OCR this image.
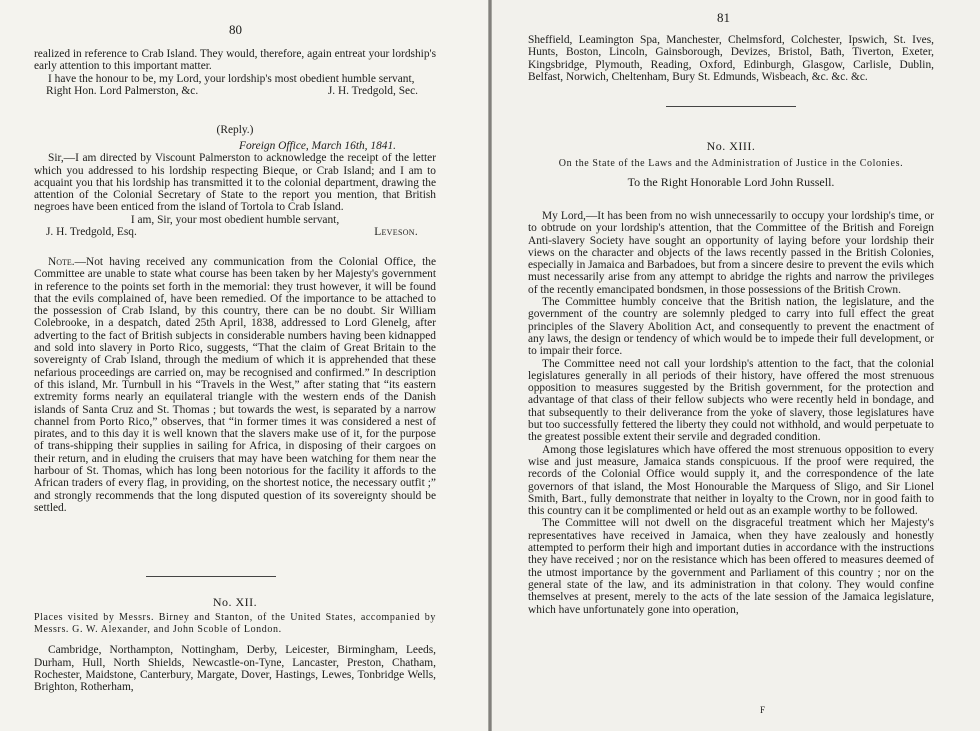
80

realized in reference to Crab Island. They would, therefore, again entreat your lordship's early attention to this important matter.

I have the honour to be, my Lord, your lordship's most obedient humble servant,

Right Hon. Lord Palmerston, &c.	J. H. Tredgold, Sec.

(Reply.)

Foreign Office, March 16th, 1841.

Sir,—I am directed by Viscount Palmerston to acknowledge the receipt of the letter which you addressed to his lordship respecting Bieque, or Crab Island; and I am to acquaint you that his lordship has transmitted it to the colonial department, drawing the attention of the Colonial Secretary of State to the report you mention, that British negroes have been enticed from the island of Tortola to Crab Island.

I am, Sir, your most obedient humble servant,

J. H. Tredgold, Esq.	Leveson.

Note.—Not having received any communication from the Colonial Office, the Committee are unable to state what course has been taken by her Majesty's government in reference to the points set forth in the memorial: they trust however, it will be found that the evils complained of, have been remedied. Of the importance to be attached to the possession of Crab Island, by this country, there can be no doubt. Sir William Colebrooke, in a despatch, dated 25th April, 1838, addressed to Lord Glenelg, after adverting to the fact of British subjects in considerable numbers having been kidnapped and sold into slavery in Porto Rico, suggests, “That the claim of Great Britain to the sovereignty of Crab Island, through the medium of which it is apprehended that these nefarious proceedings are carried on, may be recognised and confirmed.” In description of this island, Mr. Turnbull in his “Travels in the West,” after stating that “its eastern extremity forms nearly an equilateral triangle with the western ends of the Danish islands of Santa Cruz and St. Thomas ; but towards the west, is separated by a narrow channel from Porto Rico,” observes, that “in former times it was considered a nest of pirates, and to this day it is well known that the slavers make use of it, for the purpose of trans-shipping their supplies in sailing for Africa, in disposing of their cargoes on their return, and in eluding the cruisers that may have been watching for them near the harbour of St. Thomas, which has long been notorious for the facility it affords to the African traders of every flag, in providing, on the shortest notice, the necessary outfit ;” and strongly recommends that the long disputed question of its sovereignty should be settled.

No. XII.

Places visited by Messrs. Birney and Stanton, of the United States, accompanied by Messrs. G. W. Alexander, and John Scoble of London.

Cambridge, Northampton, Nottingham, Derby, Leicester, Birmingham, Leeds, Durham, Hull, North Shields, Newcastle-on-Tyne, Lancaster, Preston, Chatham, Rochester, Maidstone, Canterbury, Margate, Dover, Hastings, Lewes, Tonbridge Wells, Brighton, Rotherham,

81

Sheffield, Leamington Spa, Manchester, Chelmsford, Colchester, Ipswich, St. Ives, Hunts, Boston, Lincoln, Gainsborough, Devizes, Bristol, Bath, Tiverton, Exeter, Kingsbridge, Plymouth, Reading, Oxford, Edinburgh, Glasgow, Carlisle, Dublin, Belfast, Norwich, Cheltenham, Bury St. Edmunds, Wisbeach, &c. &c. &c.

No. XIII.

On the State of the Laws and the Administration of Justice in the Colonies.

To the Right Honorable Lord John Russell.

My Lord,—It has been from no wish unnecessarily to occupy your lordship's time, or to obtrude on your lordship's attention, that the Committee of the British and Foreign Anti-slavery Society have sought an opportunity of laying before your lordship their views on the character and objects of the laws recently passed in the British Colonies, especially in Jamaica and Barbadoes, but from a sincere desire to prevent the evils which must necessarily arise from any attempt to abridge the rights and narrow the privileges of the recently emancipated bondsmen, in those possessions of the British Crown.

The Committee humbly conceive that the British nation, the legislature, and the government of the country are solemnly pledged to carry into full effect the great principles of the Slavery Abolition Act, and consequently to prevent the enactment of any laws, the design or tendency of which would be to impede their full development, or to impair their force.

The Committee need not call your lordship's attention to the fact, that the colonial legislatures generally in all periods of their history, have offered the most strenuous opposition to measures suggested by the British government, for the protection and advantage of that class of their fellow subjects who were recently held in bondage, and that subsequently to their deliverance from the yoke of slavery, those legislatures have but too successfully fettered the liberty they could not withhold, and would perpetuate to the greatest possible extent their servile and degraded condition.

Among those legislatures which have offered the most strenuous opposition to every wise and just measure, Jamaica stands conspicuous. If the proof were required, the records of the Colonial Office would supply it, and the correspondence of the late governors of that island, the Most Honourable the Marquess of Sligo, and Sir Lionel Smith, Bart., fully demonstrate that neither in loyalty to the Crown, nor in good faith to this country can it be complimented or held out as an example worthy to be followed.

The Committee will not dwell on the disgraceful treatment which her Majesty's representatives have received in Jamaica, when they have zealously and honestly attempted to perform their high and important duties in accordance with the instructions they have received ; nor on the resistance which has been offered to measures deemed of the utmost importance by the government and Parliament of this country ; nor on the general state of the law, and its administration in that colony. They would confine themselves at present, merely to the acts of the late session of the Jamaica legislature, which have unfortunately gone into operation,

F
